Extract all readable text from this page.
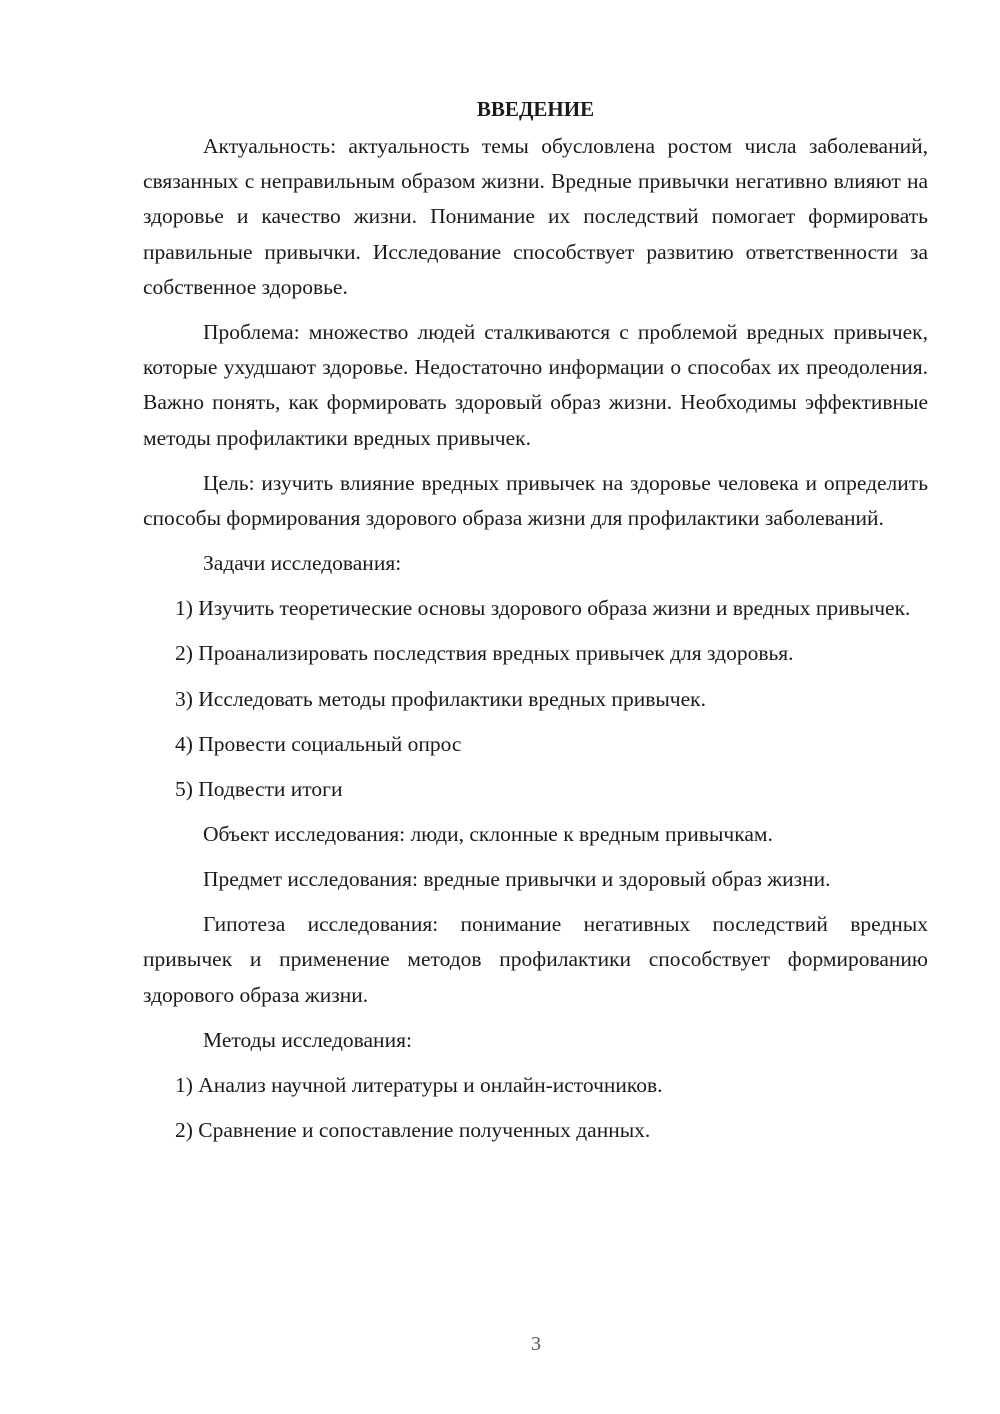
ВВЕДЕНИЕ

Актуальность: актуальность темы обусловлена ростом числа заболеваний, связанных с неправильным образом жизни. Вредные привычки негативно влияют на здоровье и качество жизни. Понимание их последствий помогает формировать правильные привычки. Исследование способствует развитию ответственности за собственное здоровье.

Проблема: множество людей сталкиваются с проблемой вредных привычек, которые ухудшают здоровье. Недостаточно информации о способах их преодоления. Важно понять, как формировать здоровый образ жизни. Необходимы эффективные методы профилактики вредных привычек.

Цель: изучить влияние вредных привычек на здоровье человека и определить способы формирования здорового образа жизни для профилактики заболеваний.

Задачи исследования:

1) Изучить теоретические основы здорового образа жизни и вредных привычек.

2) Проанализировать последствия вредных привычек для здоровья.

3) Исследовать методы профилактики вредных привычек.

4) Провести социальный опрос

5) Подвести итоги

Объект исследования: люди, склонные к вредным привычкам.

Предмет исследования: вредные привычки и здоровый образ жизни.

Гипотеза исследования: понимание негативных последствий вредных привычек и применение методов профилактики способствует формированию здорового образа жизни.

Методы исследования:

1) Анализ научной литературы и онлайн-источников.

2) Сравнение и сопоставление полученных данных.

3
